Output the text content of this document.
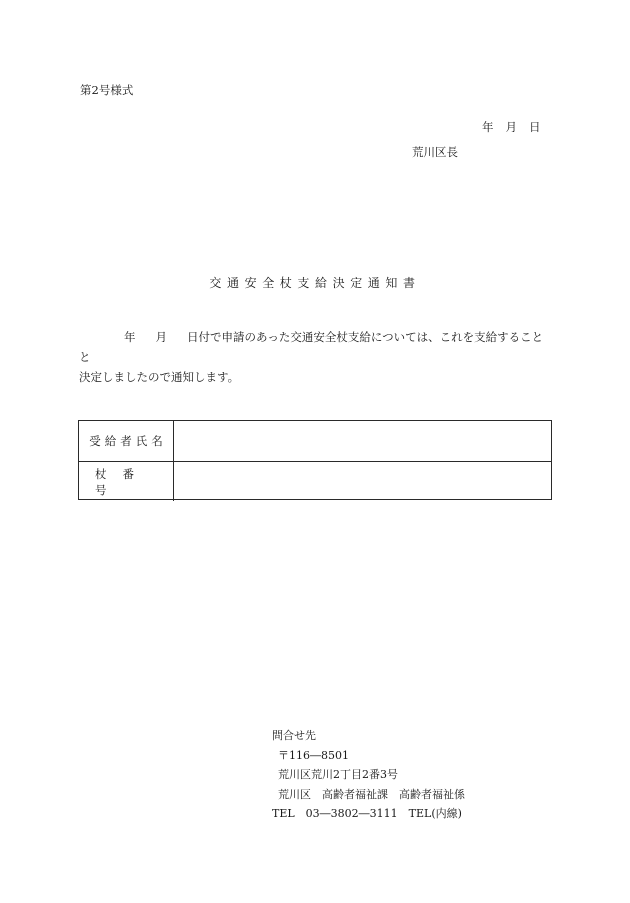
第2号様式
年 月 日
荒川区長
交通安全杖支給決定通知書
年 月 日付で申請のあった交通安全杖支給については、これを支給することと
決定しましたので通知します。
受給者氏名
杖番号
問合せ先
〒116―8501
荒川区荒川2丁目2番3号
荒川区　高齢者福祉課　高齢者福祉係
TEL　03―3802―3111　TEL(内線)
